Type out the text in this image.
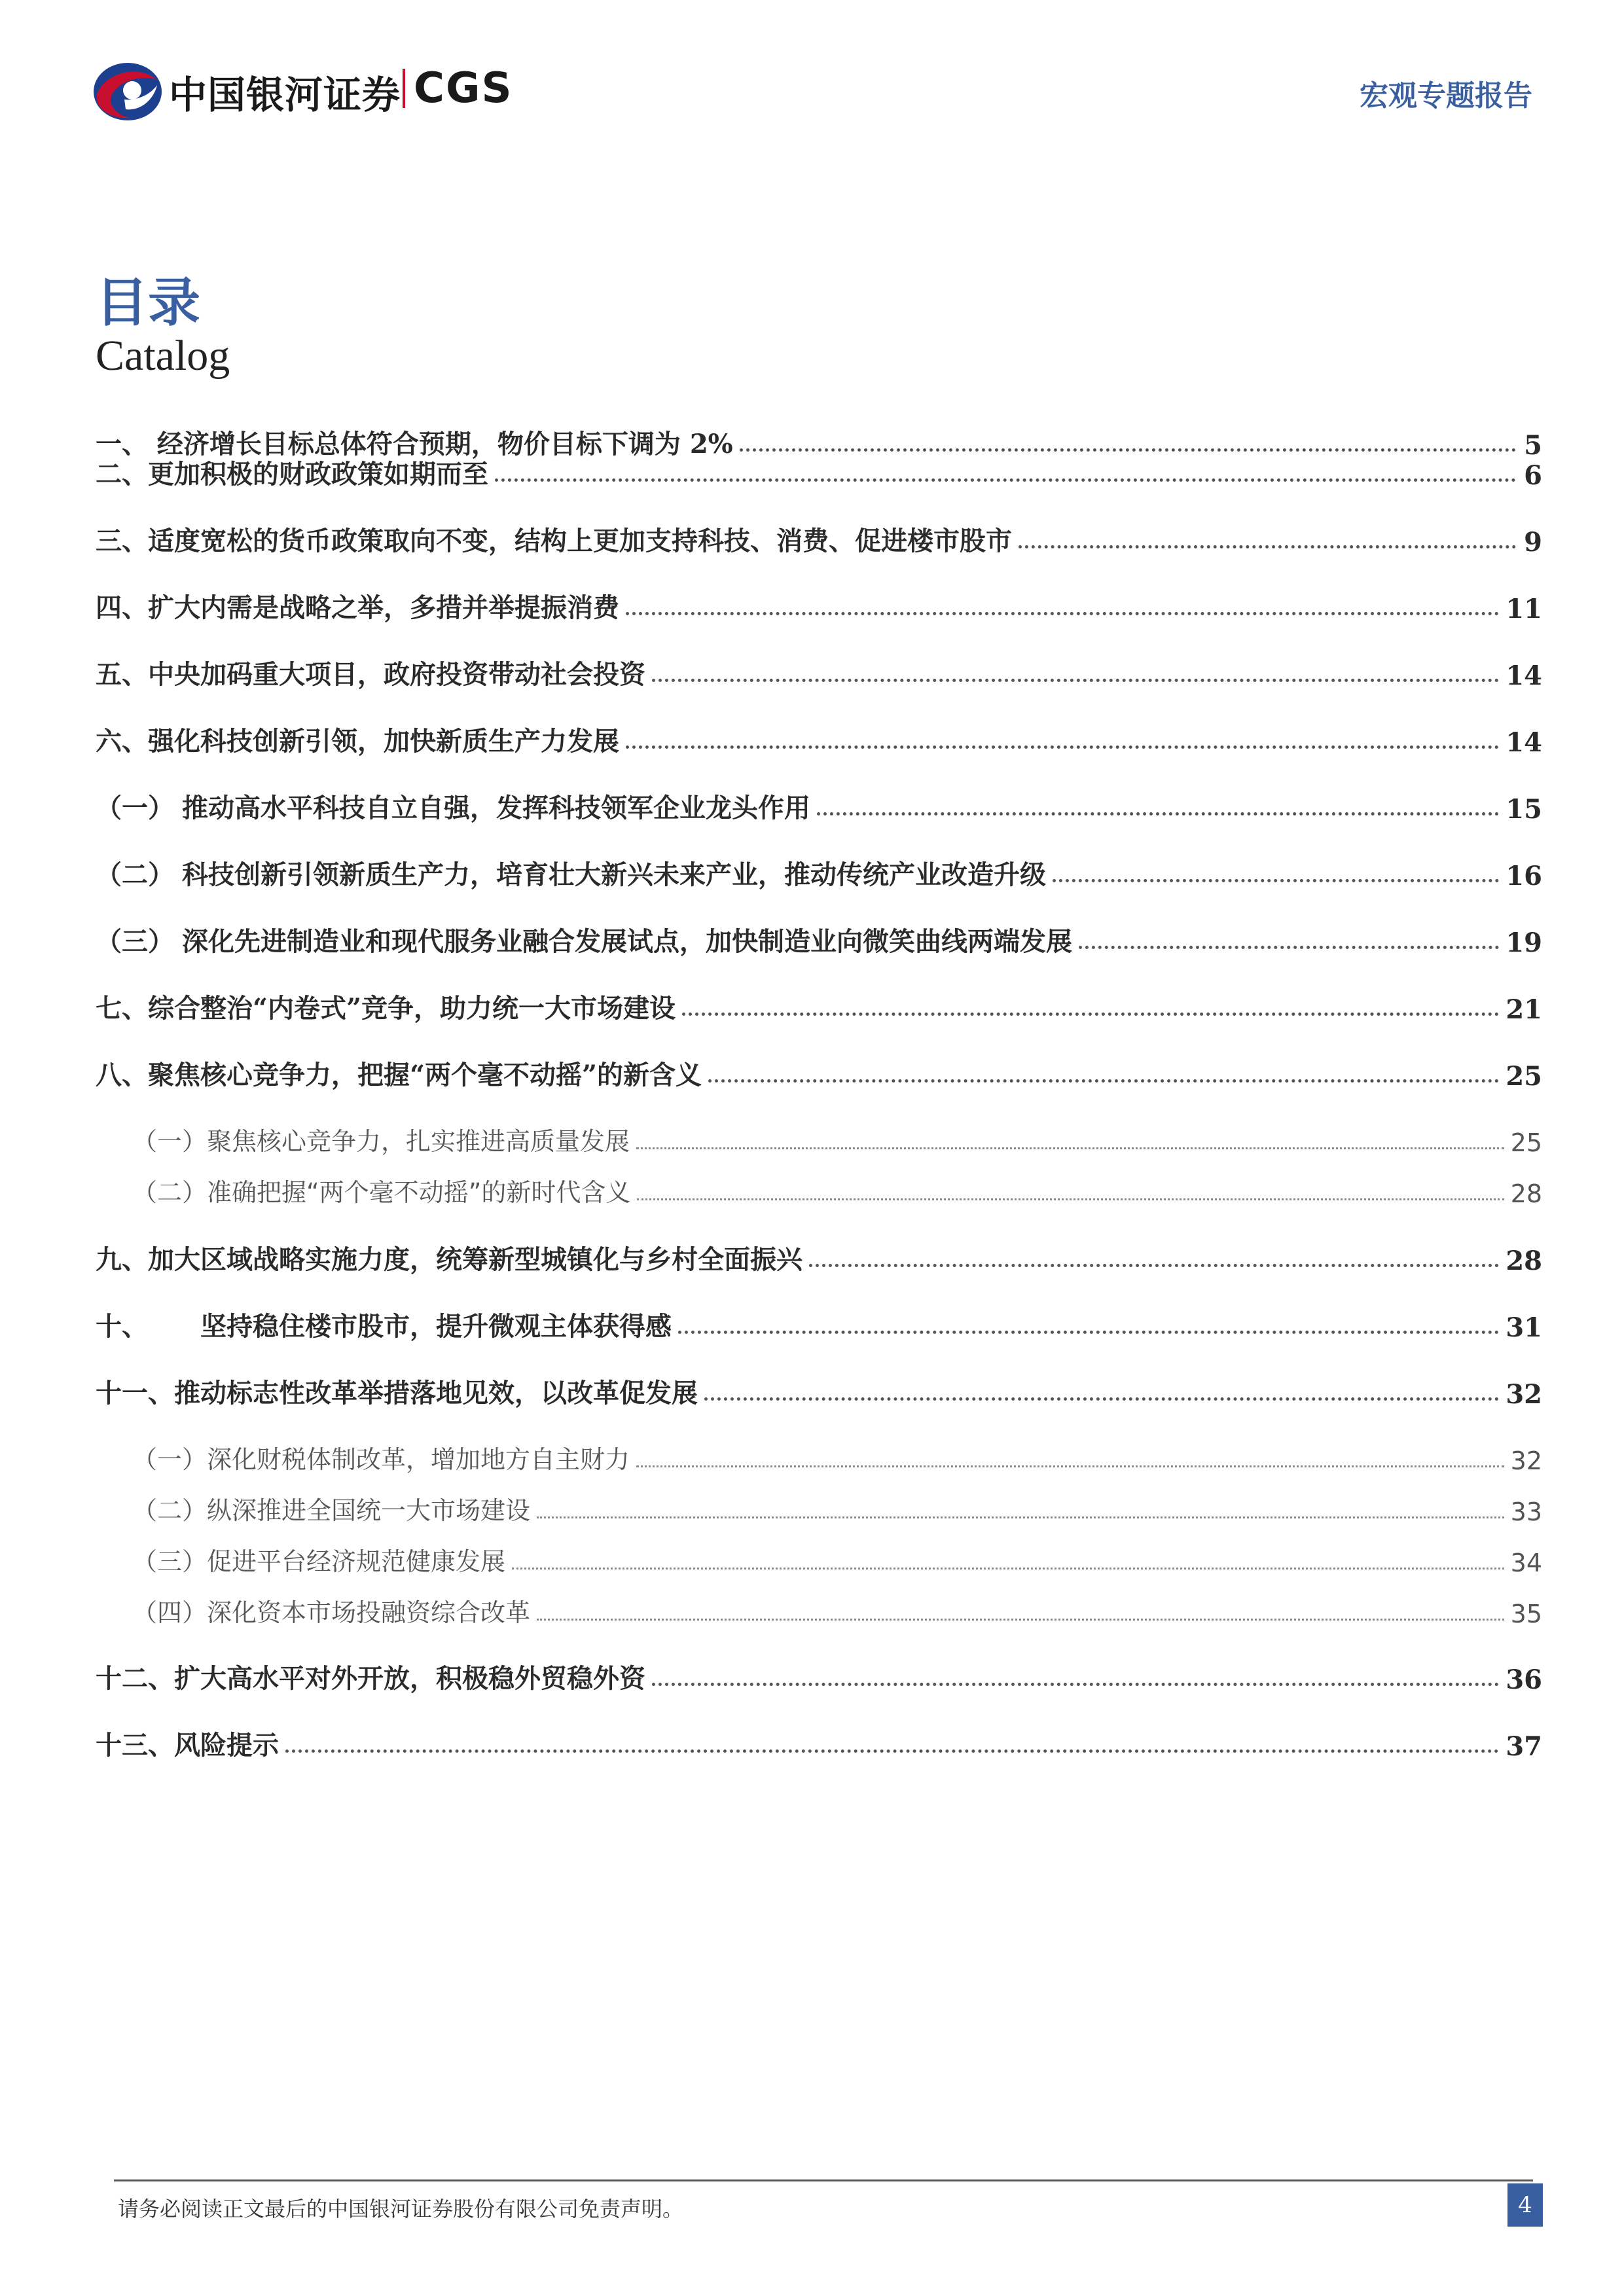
中国银河证券 CGS	宏观专题报告
目录
Catalog
一、 经济增长目标总体符合预期，物价目标下调为 2%	5
二、更加积极的财政政策如期而至	6
三、适度宽松的货币政策取向不变，结构上更加支持科技、消费、促进楼市股市	9
四、扩大内需是战略之举，多措并举提振消费	11
五、中央加码重大项目，政府投资带动社会投资	14
六、强化科技创新引领，加快新质生产力发展	14
（一） 推动高水平科技自立自强，发挥科技领军企业龙头作用	15
（二） 科技创新引领新质生产力，培育壮大新兴未来产业，推动传统产业改造升级	16
（三） 深化先进制造业和现代服务业融合发展试点，加快制造业向微笑曲线两端发展	19
七、综合整治“内卷式”竞争，助力统一大市场建设	21
八、聚焦核心竞争力，把握“两个毫不动摇”的新含义	25
（一）聚焦核心竞争力，扎实推进高质量发展	25
（二）准确把握“两个毫不动摇”的新时代含义	28
九、加大区域战略实施力度，统筹新型城镇化与乡村全面振兴	28
十、 坚持稳住楼市股市，提升微观主体获得感	31
十一、推动标志性改革举措落地见效，以改革促发展	32
（一）深化财税体制改革，增加地方自主财力	32
（二）纵深推进全国统一大市场建设	33
（三）促进平台经济规范健康发展	34
（四）深化资本市场投融资综合改革	35
十二、扩大高水平对外开放，积极稳外贸稳外资	36
十三、风险提示	37
请务必阅读正文最后的中国银河证券股份有限公司免责声明。	4
